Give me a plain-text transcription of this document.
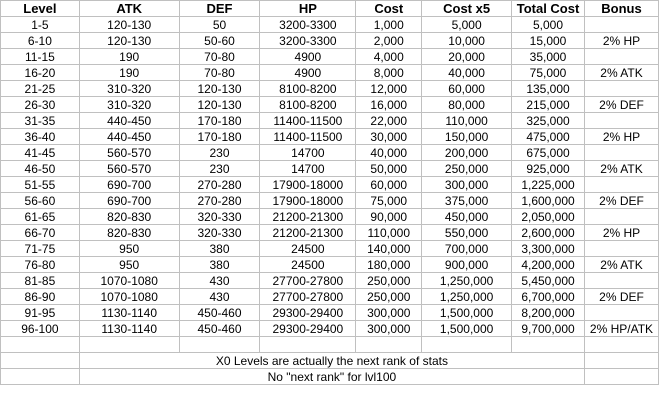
Level	ATK	DEF	HP	Cost	Cost x5	Total Cost	Bonus
1-5	120-130	50	3200-3300	1,000	5,000	5,000	
6-10	120-130	50-60	3200-3300	2,000	10,000	15,000	2% HP
11-15	190	70-80	4900	4,000	20,000	35,000	
16-20	190	70-80	4900	8,000	40,000	75,000	2% ATK
21-25	310-320	120-130	8100-8200	12,000	60,000	135,000	
26-30	310-320	120-130	8100-8200	16,000	80,000	215,000	2% DEF
31-35	440-450	170-180	11400-11500	22,000	110,000	325,000	
36-40	440-450	170-180	11400-11500	30,000	150,000	475,000	2% HP
41-45	560-570	230	14700	40,000	200,000	675,000	
46-50	560-570	230	14700	50,000	250,000	925,000	2% ATK
51-55	690-700	270-280	17900-18000	60,000	300,000	1,225,000	
56-60	690-700	270-280	17900-18000	75,000	375,000	1,600,000	2% DEF
61-65	820-830	320-330	21200-21300	90,000	450,000	2,050,000	
66-70	820-830	320-330	21200-21300	110,000	550,000	2,600,000	2% HP
71-75	950	380	24500	140,000	700,000	3,300,000	
76-80	950	380	24500	180,000	900,000	4,200,000	2% ATK
81-85	1070-1080	430	27700-27800	250,000	1,250,000	5,450,000	
86-90	1070-1080	430	27700-27800	250,000	1,250,000	6,700,000	2% DEF
91-95	1130-1140	450-460	29300-29400	300,000	1,500,000	8,200,000	
96-100	1130-1140	450-460	29300-29400	300,000	1,500,000	9,700,000	2% HP/ATK

	X0 Levels are actually the next rank of stats						
	No "next rank" for lvl100						
